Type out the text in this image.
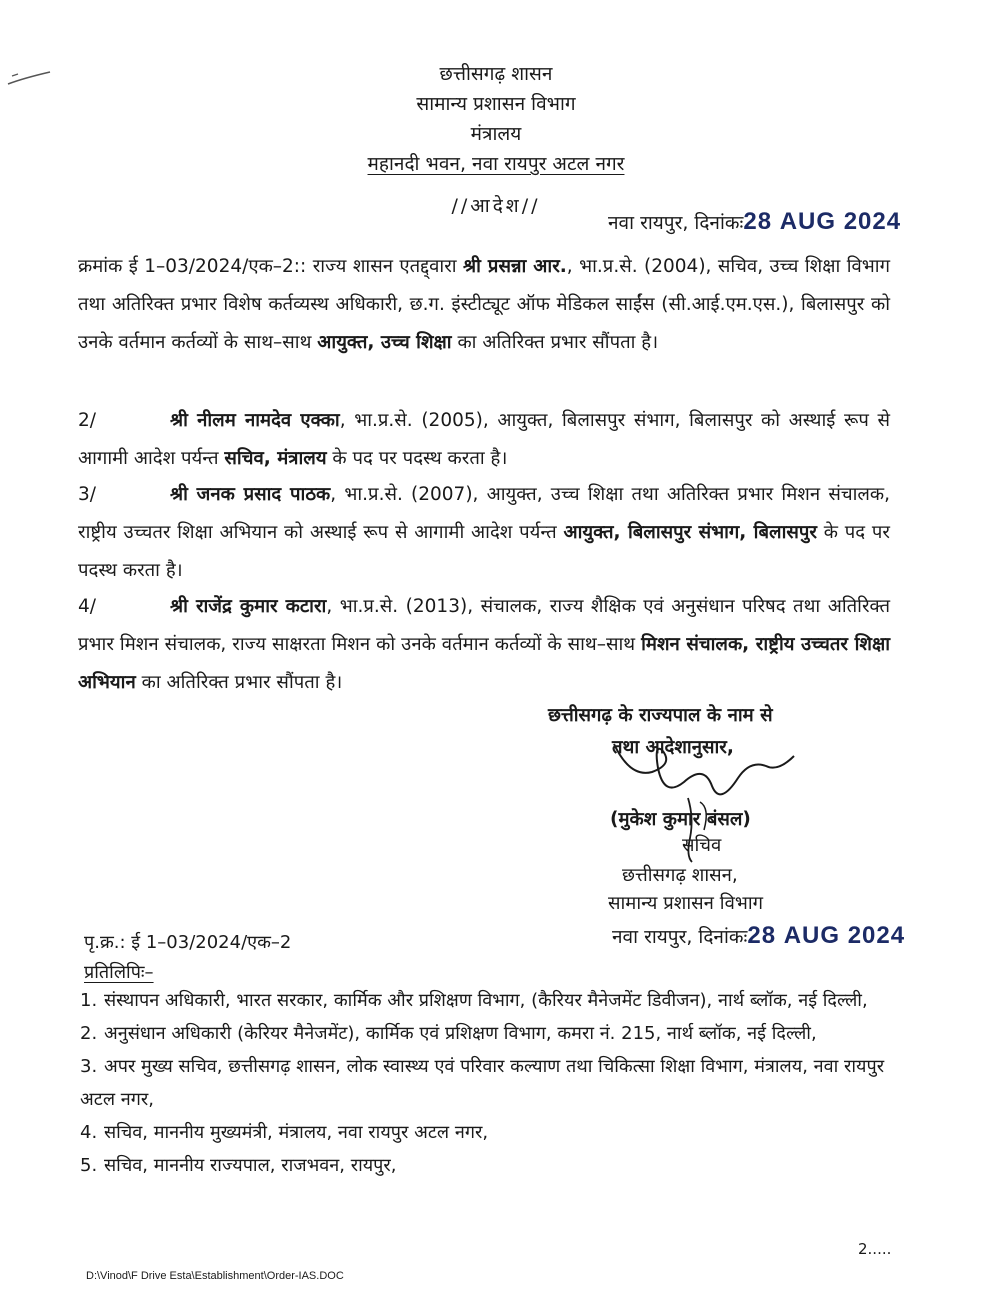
छत्तीसगढ़ शासन
सामान्य प्रशासन विभाग
मंत्रालय
महानदी भवन, नवा रायपुर अटल नगर
//आदेश//
नवा रायपुर, दिनांकः28 AUG 2024
क्रमांक ई 1–03/2024/एक–2:: राज्य शासन एतद्द्वारा श्री प्रसन्ना आर., भा.प्र.से. (2004), सचिव, उच्च शिक्षा विभाग तथा अतिरिक्त प्रभार विशेष कर्तव्यस्थ अधिकारी, छ.ग. इंस्टीट्यूट ऑफ मेडिकल साईंस (सी.आई.एम.एस.), बिलासपुर को उनके वर्तमान कर्तव्यों के साथ–साथ आयुक्त, उच्च शिक्षा का अतिरिक्त प्रभार सौंपता है।
2/	श्री नीलम नामदेव एक्का, भा.प्र.से. (2005), आयुक्त, बिलासपुर संभाग, बिलासपुर को अस्थाई रूप से आगामी आदेश पर्यन्त सचिव, मंत्रालय के पद पर पदस्थ करता है।
3/	श्री जनक प्रसाद पाठक, भा.प्र.से. (2007), आयुक्त, उच्च शिक्षा तथा अतिरिक्त प्रभार मिशन संचालक, राष्ट्रीय उच्चतर शिक्षा अभियान को अस्थाई रूप से आगामी आदेश पर्यन्त आयुक्त, बिलासपुर संभाग, बिलासपुर के पद पर पदस्थ करता है।
4/	श्री राजेंद्र कुमार कटारा, भा.प्र.से. (2013), संचालक, राज्य शैक्षिक एवं अनुसंधान परिषद तथा अतिरिक्त प्रभार मिशन संचालक, राज्य साक्षरता मिशन को उनके वर्तमान कर्तव्यों के साथ–साथ मिशन संचालक, राष्ट्रीय उच्चतर शिक्षा अभियान का अतिरिक्त प्रभार सौंपता है।
छत्तीसगढ़ के राज्यपाल के नाम से
तथा आदेशानुसार,
(मुकेश कुमार बंसल)
सचिव
छत्तीसगढ़ शासन,
सामान्य प्रशासन विभाग
पृ.क्र.: ई 1–03/2024/एक–2	नवा रायपुर, दिनांकः28 AUG 2024
प्रतिलिपिः–
1. संस्थापन अधिकारी, भारत सरकार, कार्मिक और प्रशिक्षण विभाग, (कैरियर मैनेजमेंट डिवीजन), नार्थ ब्लॉक, नई दिल्ली,
2. अनुसंधान अधिकारी (केरियर मैनेजमेंट), कार्मिक एवं प्रशिक्षण विभाग, कमरा नं. 215, नार्थ ब्लॉक, नई दिल्ली,
3. अपर मुख्य सचिव, छत्तीसगढ़ शासन, लोक स्वास्थ्य एवं परिवार कल्याण तथा चिकित्सा शिक्षा विभाग, मंत्रालय, नवा रायपुर अटल नगर,
4. सचिव, माननीय मुख्यमंत्री, मंत्रालय, नवा रायपुर अटल नगर,
5. सचिव, माननीय राज्यपाल, राजभवन, रायपुर,
2.....
D:\Vinod\F Drive Esta\Establishment\Order-IAS.DOC
